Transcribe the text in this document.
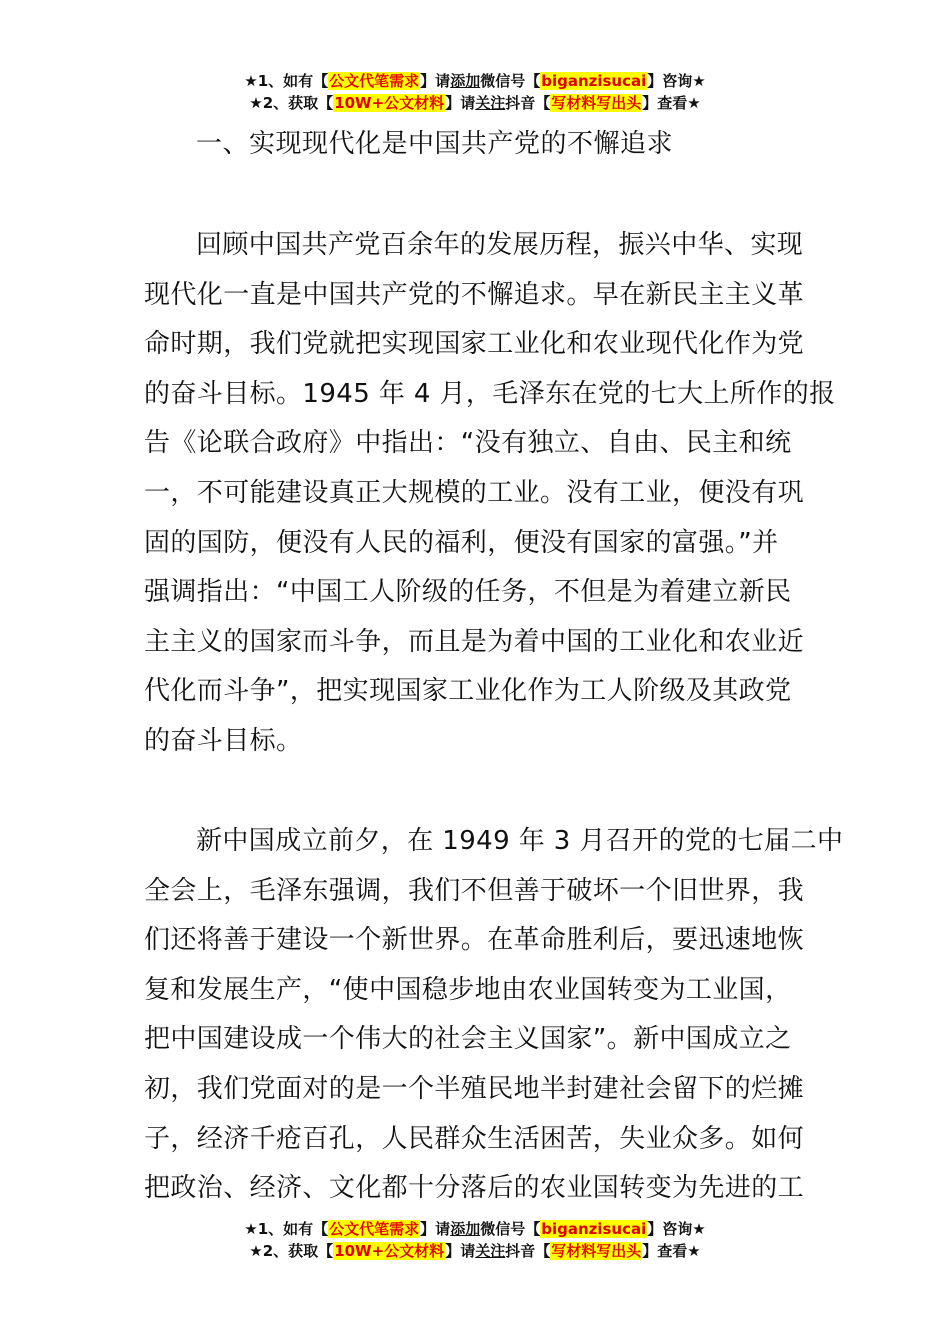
★1、如有【公文代笔需求】请添加微信号【biganzisucai】咨询★
★2、获取【10W+公文材料】请关注抖音【写材料写出头】查看★
一、实现现代化是中国共产党的不懈追求
回顾中国共产党百余年的发展历程，振兴中华、实现
现代化一直是中国共产党的不懈追求。早在新民主主义革
命时期，我们党就把实现国家工业化和农业现代化作为党
的奋斗目标。1945 年 4 月，毛泽东在党的七大上所作的报
告《论联合政府》中指出：“没有独立、自由、民主和统
一，不可能建设真正大规模的工业。没有工业，便没有巩
固的国防，便没有人民的福利，便没有国家的富强。”并
强调指出：“中国工人阶级的任务，不但是为着建立新民
主主义的国家而斗争，而且是为着中国的工业化和农业近
代化而斗争”，把实现国家工业化作为工人阶级及其政党
的奋斗目标。
新中国成立前夕，在 1949 年 3 月召开的党的七届二中
全会上，毛泽东强调，我们不但善于破坏一个旧世界，我
们还将善于建设一个新世界。在革命胜利后，要迅速地恢
复和发展生产，“使中国稳步地由农业国转变为工业国，
把中国建设成一个伟大的社会主义国家”。新中国成立之
初，我们党面对的是一个半殖民地半封建社会留下的烂摊
子，经济千疮百孔，人民群众生活困苦，失业众多。如何
把政治、经济、文化都十分落后的农业国转变为先进的工
★1、如有【公文代笔需求】请添加微信号【biganzisucai】咨询★
★2、获取【10W+公文材料】请关注抖音【写材料写出头】查看★
